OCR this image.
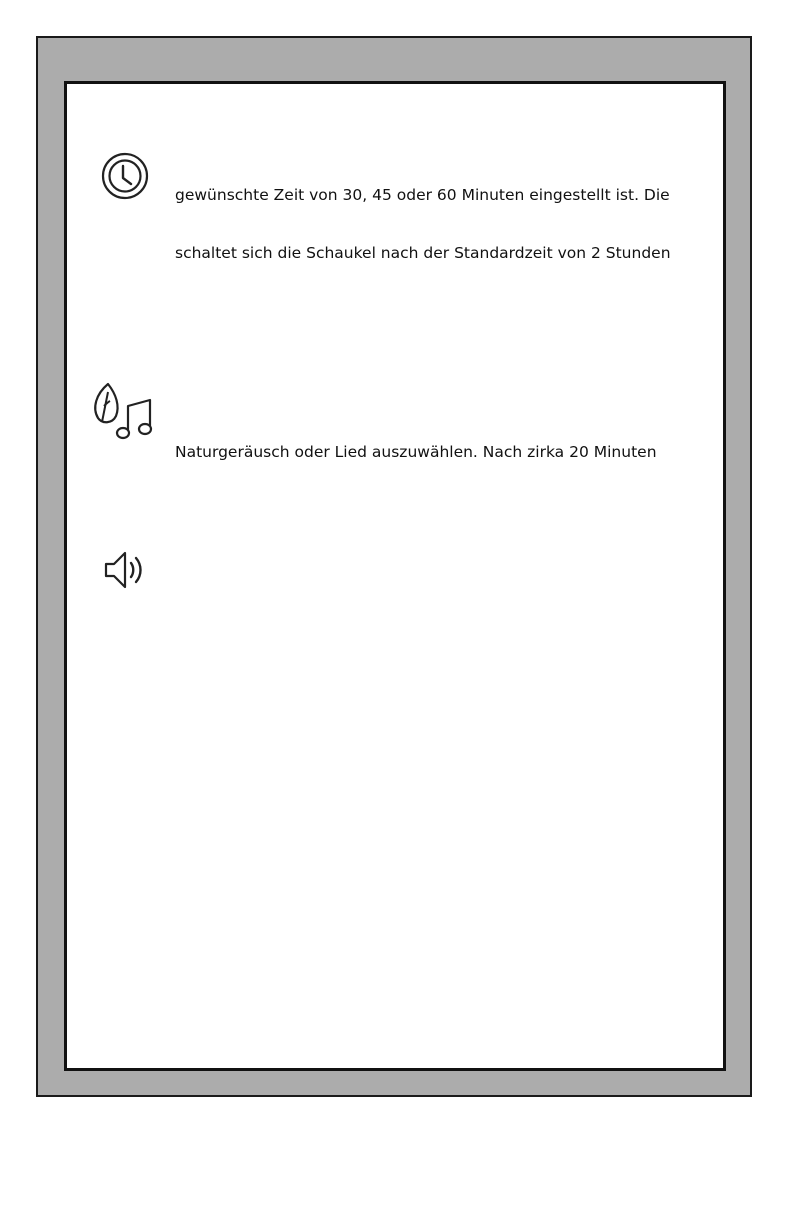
gewünschte Zeit von 30, 45 oder 60 Minuten eingestellt ist. Die
schaltet sich die Schaukel nach der Standardzeit von 2 Stunden
Naturgeräusch oder Lied auszuwählen. Nach zirka 20 Minuten
